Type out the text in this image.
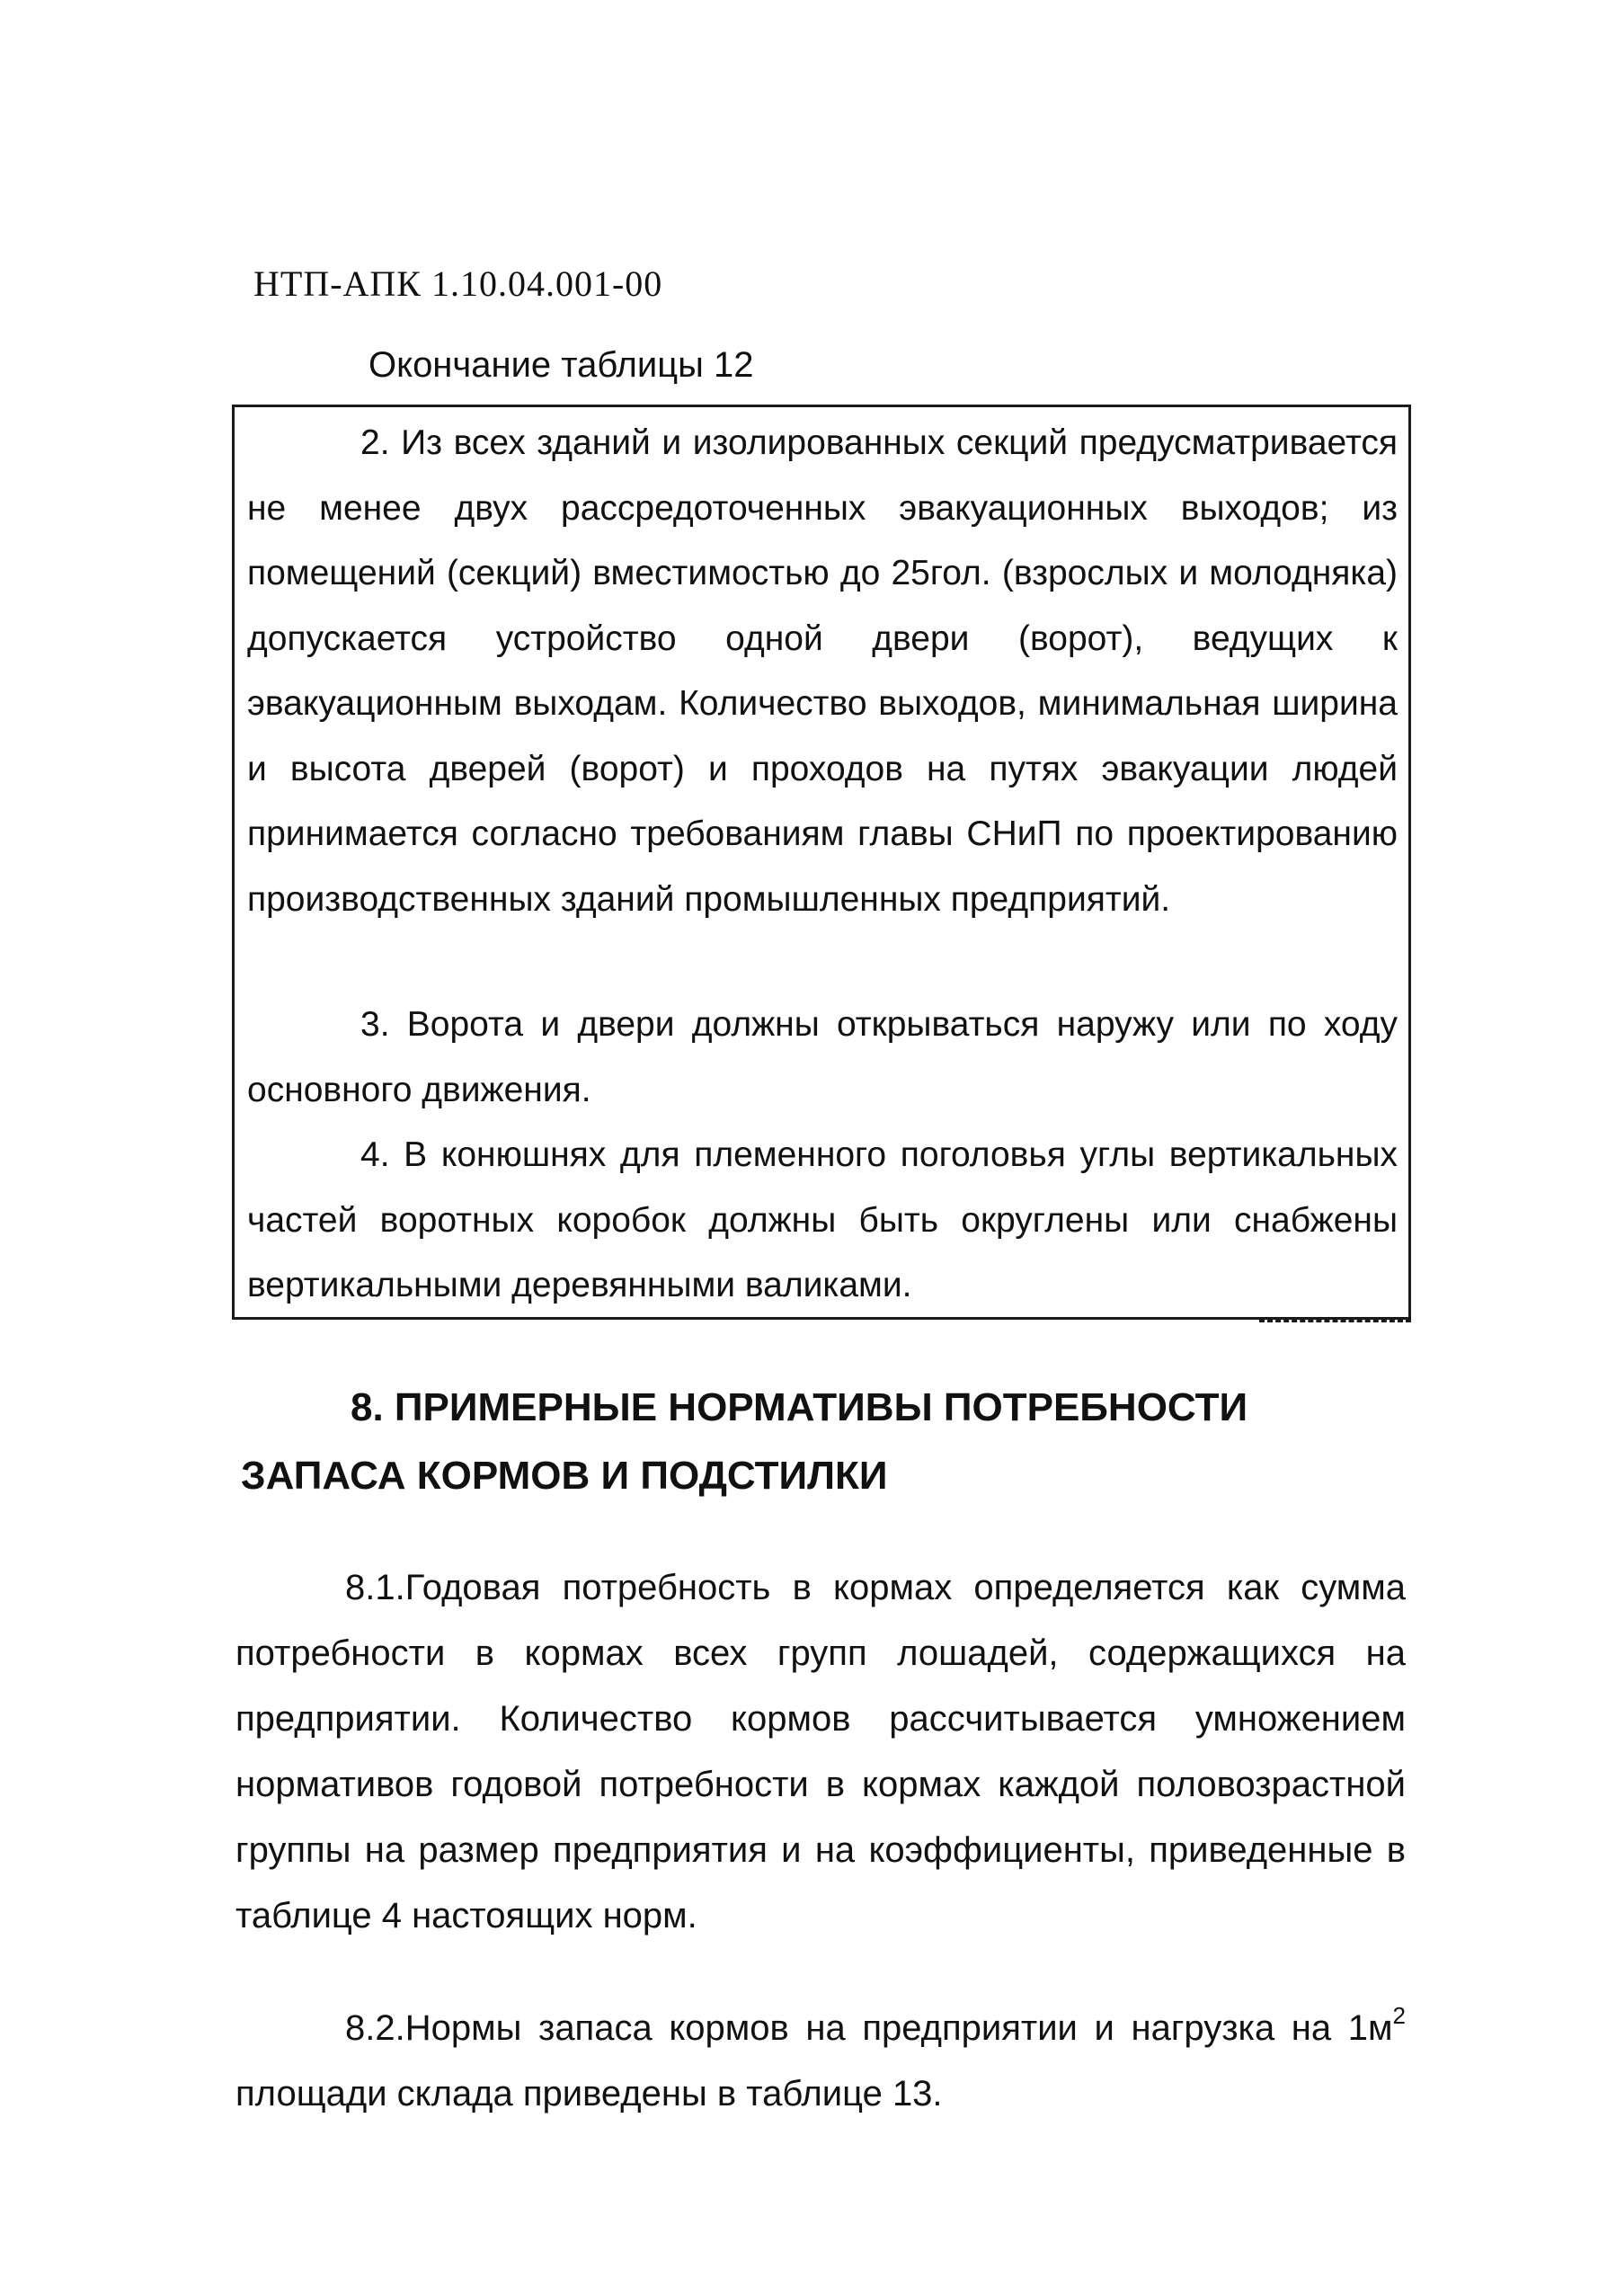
НТП-АПК 1.10.04.001-00
Окончание таблицы 12

2. Из всех зданий и изолированных секций предусматривается не менее двух рассредоточенных эвакуационных выходов; из помещений (секций) вместимостью до 25гол. (взрослых и молодняка) допускается устройство одной двери (ворот), ведущих к эвакуационным выходам. Количество выходов, минимальная ширина и высота дверей (ворот) и проходов на путях эвакуации людей принимается согласно требованиям главы СНиП по проектированию производственных зданий промышленных предприятий.

3. Ворота и двери должны открываться наружу или по ходу основного движения.

4. В конюшнях для племенного поголовья углы вертикальных частей воротных коробок должны быть округлены или снабжены вертикальными деревянными валиками.

8. ПРИМЕРНЫЕ НОРМАТИВЫ ПОТРЕБНОСТИ ЗАПАСА КОРМОВ И ПОДСТИЛКИ

8.1.Годовая потребность в кормах определяется как сумма потребности в кормах всех групп лошадей, содержащихся на предприятии. Количество кормов рассчитывается умножением нормативов годовой потребности в кормах каждой половозрастной группы на размер предприятия и на коэффициенты, приведенные в таблице 4 настоящих норм.

8.2.Нормы запаса кормов на предприятии и нагрузка на $1м^2$ площади склада приведены в таблице 13.
